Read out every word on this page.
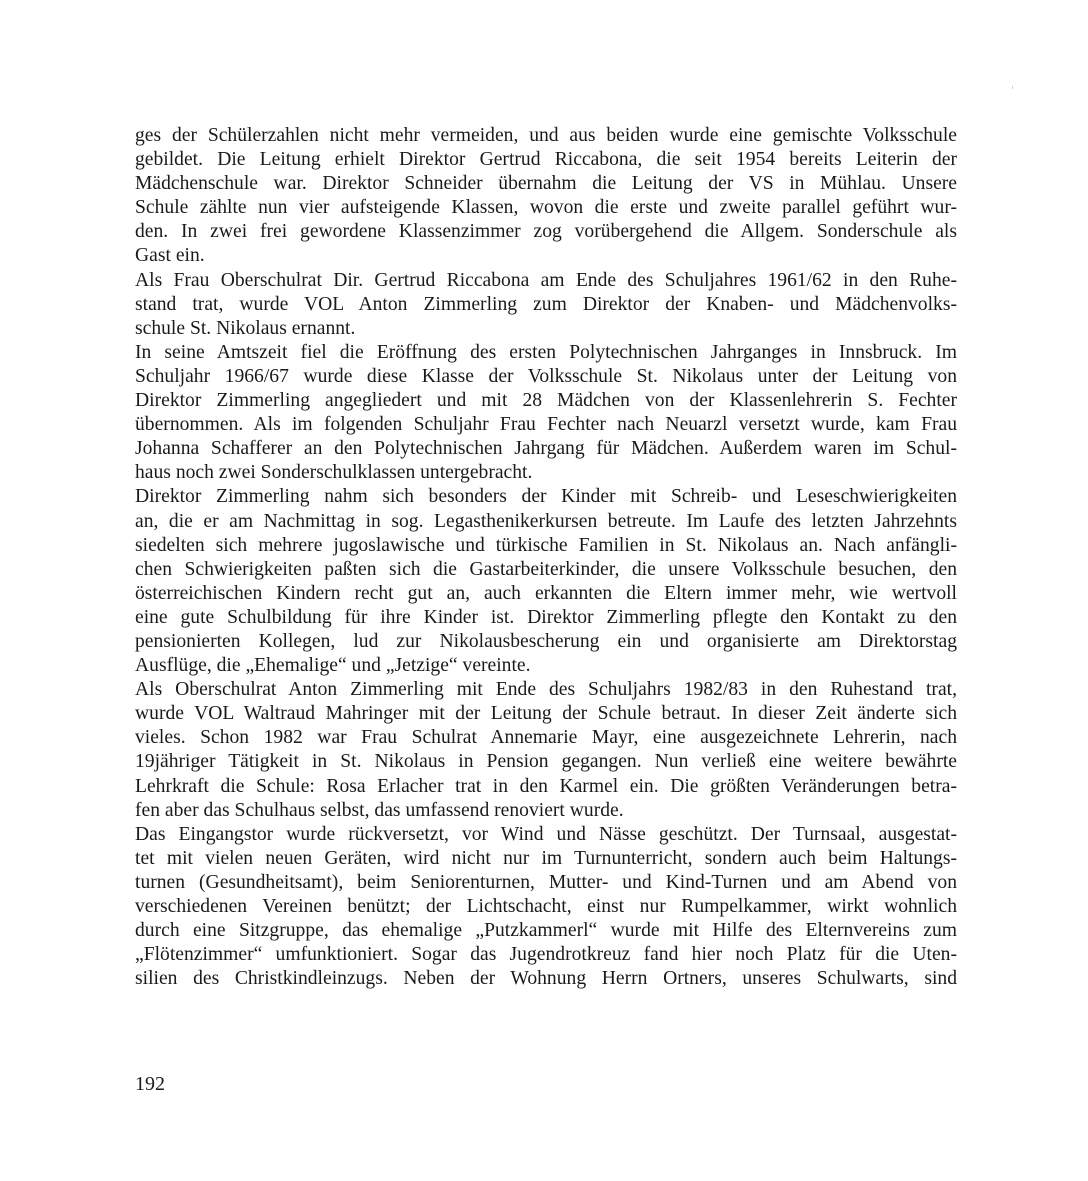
ges der Schülerzahlen nicht mehr vermeiden, und aus beiden wurde eine gemischte Volksschule
gebildet. Die Leitung erhielt Direktor Gertrud Riccabona, die seit 1954 bereits Leiterin der
Mädchenschule war. Direktor Schneider übernahm die Leitung der VS in Mühlau. Unsere
Schule zählte nun vier aufsteigende Klassen, wovon die erste und zweite parallel geführt wur-
den. In zwei frei gewordene Klassenzimmer zog vorübergehend die Allgem. Sonderschule als
Gast ein.

Als Frau Oberschulrat Dir. Gertrud Riccabona am Ende des Schuljahres 1961/62 in den Ruhe-
stand trat, wurde VOL Anton Zimmerling zum Direktor der Knaben- und Mädchenvolks-
schule St. Nikolaus ernannt.

In seine Amtszeit fiel die Eröffnung des ersten Polytechnischen Jahrganges in Innsbruck. Im
Schuljahr 1966/67 wurde diese Klasse der Volksschule St. Nikolaus unter der Leitung von
Direktor Zimmerling angegliedert und mit 28 Mädchen von der Klassenlehrerin S. Fechter
übernommen. Als im folgenden Schuljahr Frau Fechter nach Neuarzl versetzt wurde, kam Frau
Johanna Schafferer an den Polytechnischen Jahrgang für Mädchen. Außerdem waren im Schul-
haus noch zwei Sonderschulklassen untergebracht.

Direktor Zimmerling nahm sich besonders der Kinder mit Schreib- und Leseschwierigkeiten
an, die er am Nachmittag in sog. Legasthenikerkursen betreute. Im Laufe des letzten Jahrzehnts
siedelten sich mehrere jugoslawische und türkische Familien in St. Nikolaus an. Nach anfängli-
chen Schwierigkeiten paßten sich die Gastarbeiterkinder, die unsere Volksschule besuchen, den
österreichischen Kindern recht gut an, auch erkannten die Eltern immer mehr, wie wertvoll
eine gute Schulbildung für ihre Kinder ist. Direktor Zimmerling pflegte den Kontakt zu den
pensionierten Kollegen, lud zur Nikolausbescherung ein und organisierte am Direktorstag
Ausflüge, die „Ehemalige“ und „Jetzige“ vereinte.

Als Oberschulrat Anton Zimmerling mit Ende des Schuljahrs 1982/83 in den Ruhestand trat,
wurde VOL Waltraud Mahringer mit der Leitung der Schule betraut. In dieser Zeit änderte sich
vieles. Schon 1982 war Frau Schulrat Annemarie Mayr, eine ausgezeichnete Lehrerin, nach
19jähriger Tätigkeit in St. Nikolaus in Pension gegangen. Nun verließ eine weitere bewährte
Lehrkraft die Schule: Rosa Erlacher trat in den Karmel ein. Die größten Veränderungen betra-
fen aber das Schulhaus selbst, das umfassend renoviert wurde.

Das Eingangstor wurde rückversetzt, vor Wind und Nässe geschützt. Der Turnsaal, ausgestat-
tet mit vielen neuen Geräten, wird nicht nur im Turnunterricht, sondern auch beim Haltungs-
turnen (Gesundheitsamt), beim Seniorenturnen, Mutter- und Kind-Turnen und am Abend von
verschiedenen Vereinen benützt; der Lichtschacht, einst nur Rumpelkammer, wirkt wohnlich
durch eine Sitzgruppe, das ehemalige „Putzkammerl“ wurde mit Hilfe des Elternvereins zum
„Flötenzimmer“ umfunktioniert. Sogar das Jugendrotkreuz fand hier noch Platz für die Uten-
silien des Christkindleinzugs. Neben der Wohnung Herrn Ortners, unseres Schulwarts, sind

192
